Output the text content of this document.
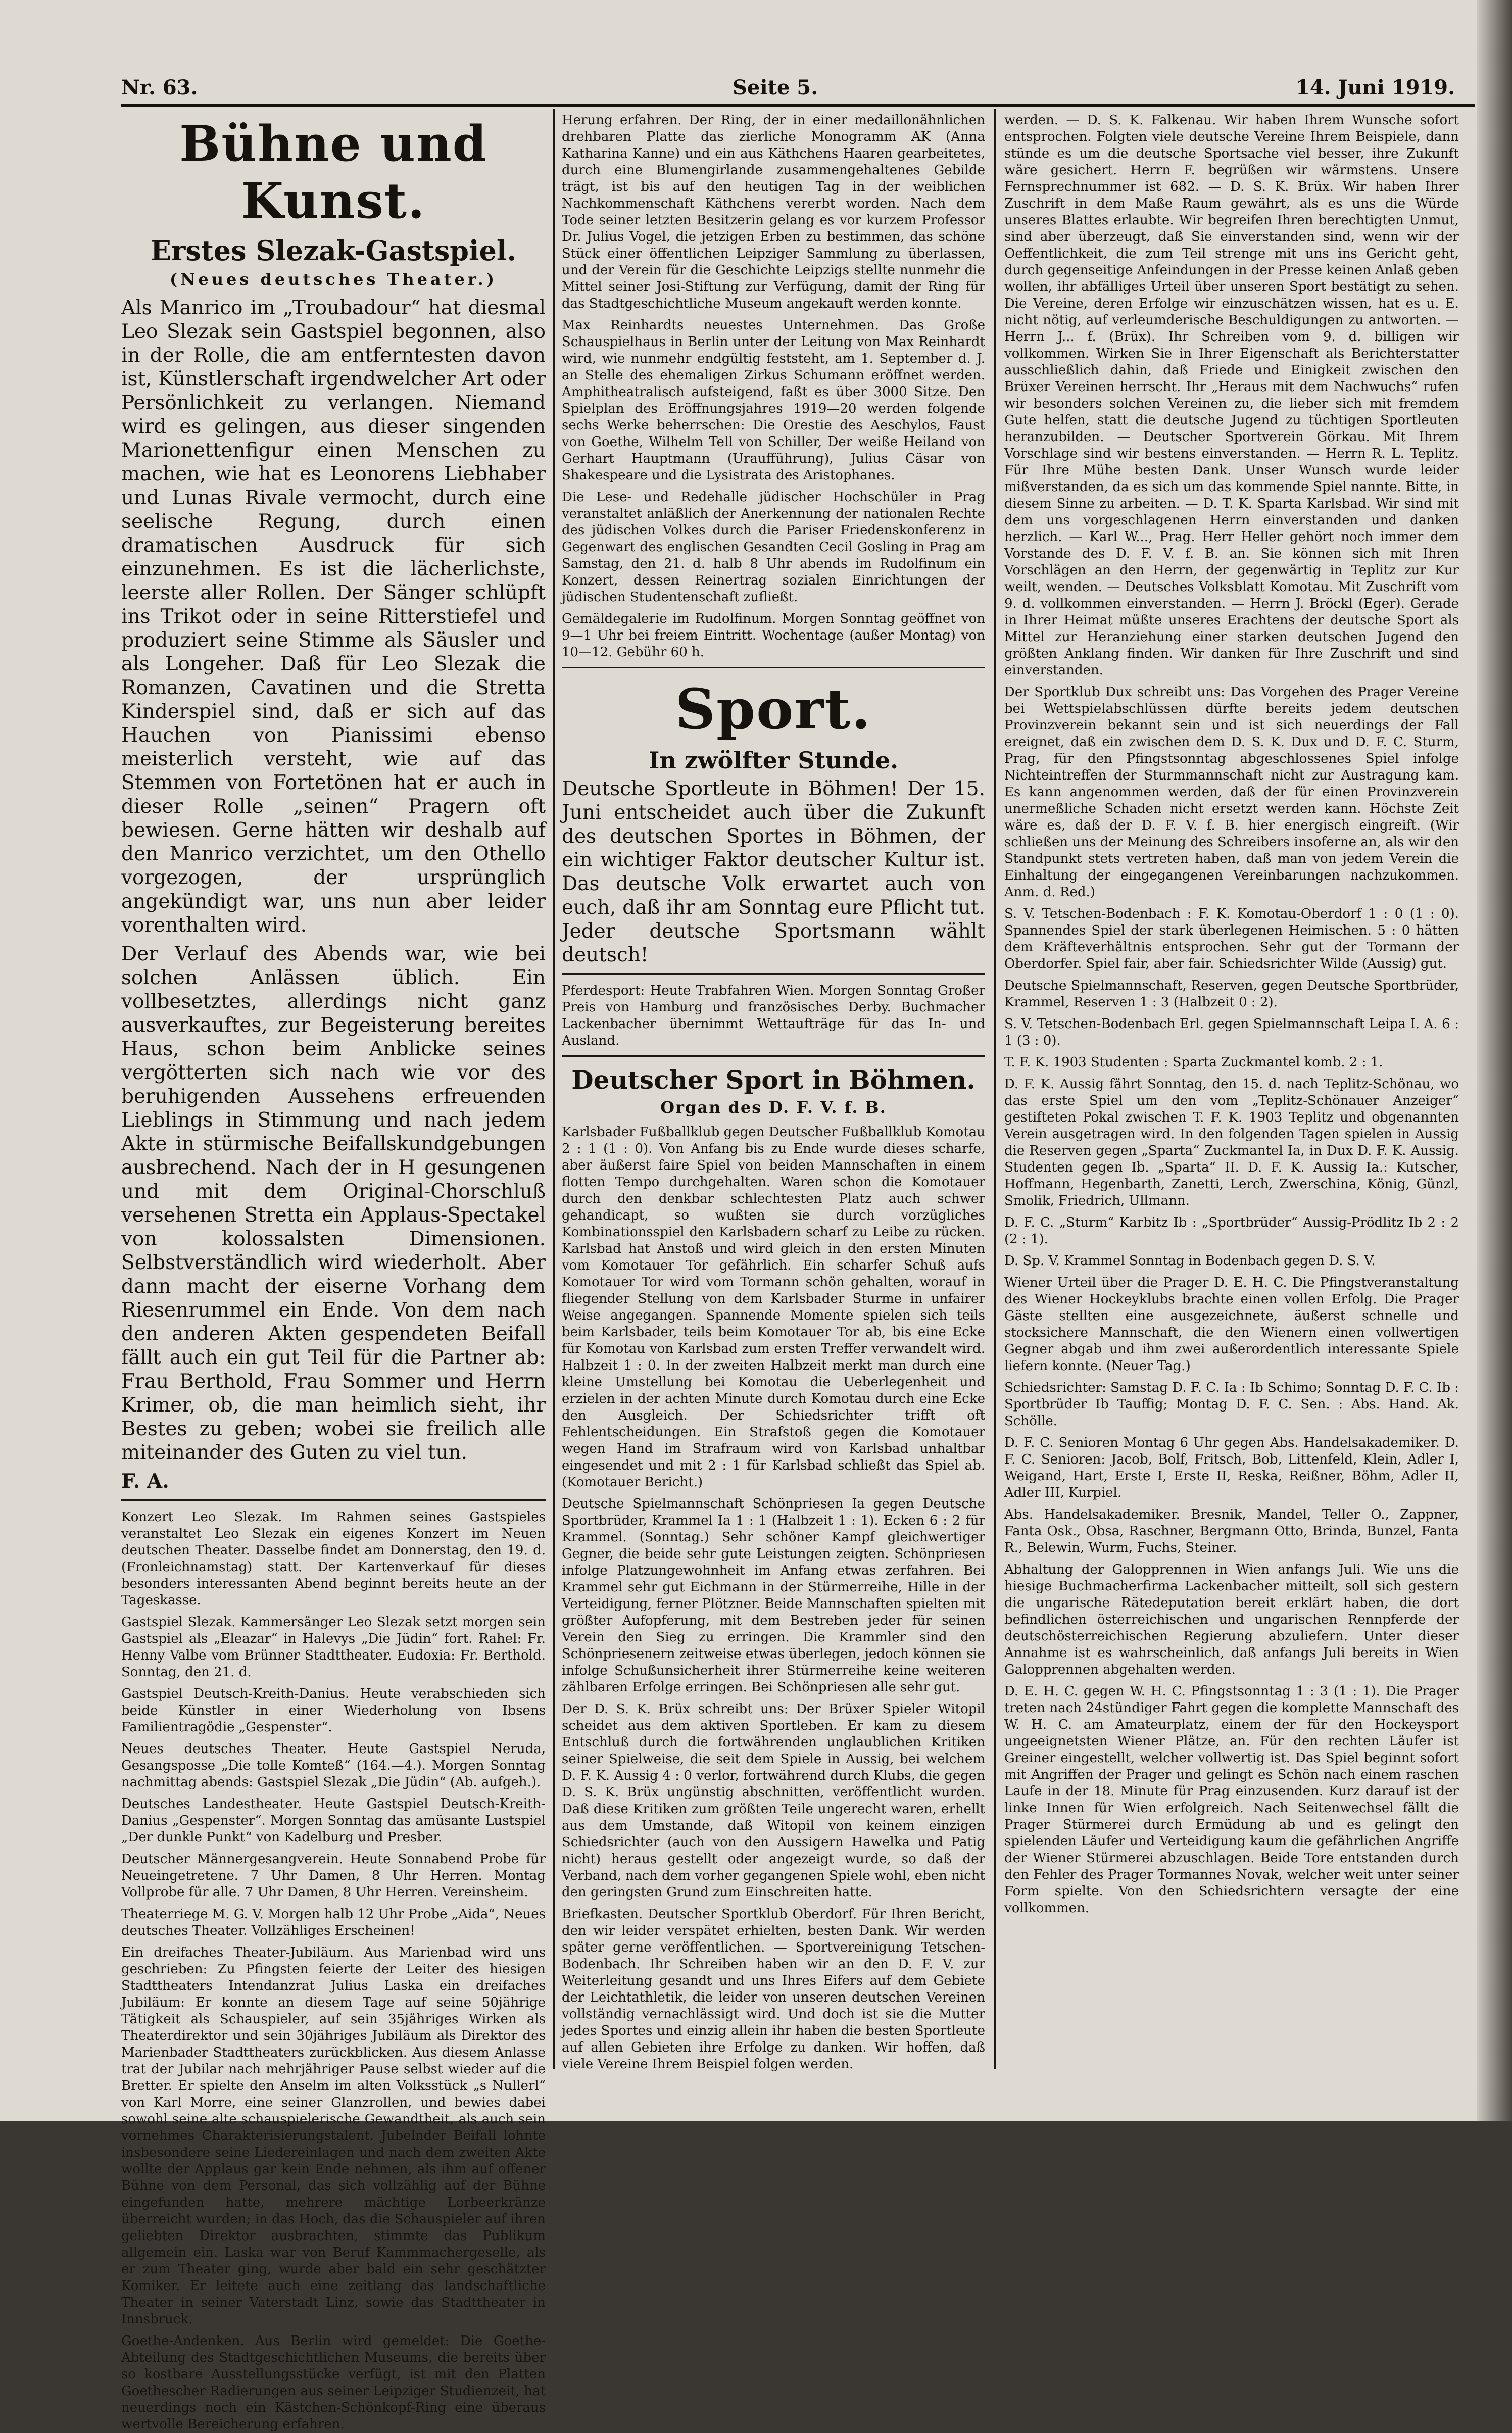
Nr. 63.	Seite 5.	14. Juni 1919.
Bühne und Kunst.
Erstes Slezak-Gastspiel.
(Neues deutsches Theater.)

Als Manrico im „Troubadour“ hat diesmal Leo Slezak sein Gastspiel begonnen, also in der Rolle, die am entferntesten davon ist, Künstlerschaft irgendwelcher Art oder Persönlichkeit zu verlangen. Niemand wird es gelingen, aus dieser singenden Marionettenfigur einen Menschen zu machen, wie hat es Leonorens Liebhaber und Lunas Rivale vermocht, durch eine seelische Regung, durch einen dramatischen Ausdruck für sich einzunehmen. Es ist die lächerlichste, leerste aller Rollen. Der Sänger schlüpft ins Trikot oder in seine Ritterstiefel und produziert seine Stimme als Säusler und als Longeher. Daß für Leo Slezak die Romanzen, Cavatinen und die Stretta Kinderspiel sind, daß er sich auf das Hauchen von Pianissimi ebenso meisterlich versteht, wie auf das Stemmen von Fortetönen hat er auch in dieser Rolle „seinen“ Pragern oft bewiesen. Gerne hätten wir deshalb auf den Manrico verzichtet, um den Othello vorgezogen, der ursprünglich angekündigt war, uns nun aber leider vorenthalten wird.

Der Verlauf des Abends war, wie bei solchen Anlässen üblich. Ein vollbesetztes, allerdings nicht ganz ausverkauftes, zur Begeisterung bereites Haus, schon beim Anblicke seines vergötterten sich nach wie vor des beruhigenden Aussehens erfreuenden Lieblings in Stimmung und nach jedem Akte in stürmische Beifallskundgebungen ausbrechend. Nach der in H gesungenen und mit dem Original-Chorschluß versehenen Stretta ein Applaus-Spectakel von kolossalsten Dimensionen. Selbstverständlich wird wiederholt. Aber dann macht der eiserne Vorhang dem Riesenrummel ein Ende. Von dem nach den anderen Akten gespendeten Beifall fällt auch ein gut Teil für die Partner ab: Frau Berthold, Frau Sommer und Herrn Krimer, ob, die man heimlich sieht, ihr Bestes zu geben; wobei sie freilich alle miteinander des Guten zu viel tun.

F. A.

Konzert Leo Slezak. Im Rahmen seines Gastspieles veranstaltet Leo Slezak ein eigenes Konzert im Neuen deutschen Theater. Dasselbe findet am Donnerstag, den 19. d. (Fronleichnamstag) statt. Der Kartenverkauf für dieses besonders interessanten Abend beginnt bereits heute an der Tageskasse.

Gastspiel Slezak. Kammersänger Leo Slezak setzt morgen sein Gastspiel als „Eleazar“ in Halevys „Die Jüdin“ fort. Rahel: Fr. Henny Valbe vom Brünner Stadttheater. Eudoxia: Fr. Berthold. Sonntag, den 21. d.

Gastspiel Deutsch-Kreith-Danius. Heute verabschieden sich beide Künstler in einer Wiederholung von Ibsens Familientragödie „Gespenster“.

Neues deutsches Theater. Heute Gastspiel Neruda, Gesangsposse „Die tolle Komteß“ (164.—4.). Morgen Sonntag nachmittag abends: Gastspiel Slezak „Die Jüdin“ (Ab. aufgeh.).

Deutsches Landestheater. Heute Gastspiel Deutsch-Kreith-Danius „Gespenster“. Morgen Sonntag das amüsante Lustspiel „Der dunkle Punkt“ von Kadelburg und Presber.

Deutscher Männergesangverein. Heute Sonnabend Probe für Neueingetretene. 7 Uhr Damen, 8 Uhr Herren. Montag Vollprobe für alle. 7 Uhr Damen, 8 Uhr Herren. Vereinsheim.

Theaterriege M. G. V. Morgen halb 12 Uhr Probe „Aida“, Neues deutsches Theater. Vollzähliges Erscheinen!

Ein dreifaches Theater-Jubiläum. Aus Marienbad wird uns geschrieben: Zu Pfingsten feierte der Leiter des hiesigen Stadttheaters Intendanzrat Julius Laska ein dreifaches Jubiläum: Er konnte an diesem Tage auf seine 50jährige Tätigkeit als Schauspieler, auf sein 35jähriges Wirken als Theaterdirektor und sein 30jähriges Jubiläum als Direktor des Marienbader Stadttheaters zurückblicken. Aus diesem Anlasse trat der Jubilar nach mehrjähriger Pause selbst wieder auf die Bretter. Er spielte den Anselm im alten Volksstück „s Nullerl“ von Karl Morre, eine seiner Glanzrollen, und bewies dabei sowohl seine alte schauspielerische Gewandtheit, als auch sein vornehmes Charakterisierungstalent. Jubelnder Beifall lohnte insbesondere seine Liedereinlagen und nach dem zweiten Akte wollte der Applaus gar kein Ende nehmen, als ihm auf offener Bühne von dem Personal, das sich vollzählig auf der Bühne eingefunden hatte, mehrere mächtige Lorbeerkränze überreicht wurden; in das Hoch, das die Schauspieler auf ihren geliebten Direktor ausbrachten, stimmte das Publikum allgemein ein. Laska war von Beruf Kammmachergeselle, als er zum Theater ging, wurde aber bald ein sehr geschätzter Komiker. Er leitete auch eine zeitlang das landschaftliche Theater in seiner Vaterstadt Linz, sowie das Stadttheater in Innsbruck.

Goethe-Andenken. Aus Berlin wird gemeldet: Die Goethe-Abteilung des Stadtgeschichtlichen Museums, die bereits über so kostbare Ausstellungsstücke verfügt, ist mit den Platten Goethescher Radierungen aus seiner Leipziger Studienzeit, hat neuerdings noch ein Kästchen-Schönkopf-Ring eine überaus wertvolle Bereicherung erfahren.

Herung erfahren. Der Ring, der in einer medaillonähnlichen drehbaren Platte das zierliche Monogramm AK (Anna Katharina Kanne) und ein aus Käthchens Haaren gearbeitetes, durch eine Blumengirlande zusammengehaltenes Gebilde trägt, ist bis auf den heutigen Tag in der weiblichen Nachkommenschaft Käthchens vererbt worden. Nach dem Tode seiner letzten Besitzerin gelang es vor kurzem Professor Dr. Julius Vogel, die jetzigen Erben zu bestimmen, das schöne Stück einer öffentlichen Leipziger Sammlung zu überlassen, und der Verein für die Geschichte Leipzigs stellte nunmehr die Mittel seiner Josi-Stiftung zur Verfügung, damit der Ring für das Stadtgeschichtliche Museum angekauft werden konnte.

Max Reinhardts neuestes Unternehmen. Das Große Schauspielhaus in Berlin unter der Leitung von Max Reinhardt wird, wie nunmehr endgültig feststeht, am 1. September d. J. an Stelle des ehemaligen Zirkus Schumann eröffnet werden. Amphitheatralisch aufsteigend, faßt es über 3000 Sitze. Den Spielplan des Eröffnungsjahres 1919—20 werden folgende sechs Werke beherrschen: Die Orestie des Aeschylos, Faust von Goethe, Wilhelm Tell von Schiller, Der weiße Heiland von Gerhart Hauptmann (Uraufführung), Julius Cäsar von Shakespeare und die Lysistrata des Aristophanes.

Die Lese- und Redehalle jüdischer Hochschüler in Prag veranstaltet anläßlich der Anerkennung der nationalen Rechte des jüdischen Volkes durch die Pariser Friedenskonferenz in Gegenwart des englischen Gesandten Cecil Gosling in Prag am Samstag, den 21. d. halb 8 Uhr abends im Rudolfinum ein Konzert, dessen Reinertrag sozialen Einrichtungen der jüdischen Studentenschaft zufließt.

Gemäldegalerie im Rudolfinum. Morgen Sonntag geöffnet von 9—1 Uhr bei freiem Eintritt. Wochentage (außer Montag) von 10—12. Gebühr 60 h.

Sport.
In zwölfter Stunde.

Deutsche Sportleute in Böhmen! Der 15. Juni entscheidet auch über die Zukunft des deutschen Sportes in Böhmen, der ein wichtiger Faktor deutscher Kultur ist. Das deutsche Volk erwartet auch von euch, daß ihr am Sonntag eure Pflicht tut. Jeder deutsche Sportsmann wählt deutsch!

Pferdesport: Heute Trabfahren Wien. Morgen Sonntag Großer Preis von Hamburg und französisches Derby. Buchmacher Lackenbacher übernimmt Wettaufträge für das In- und Ausland.

Deutscher Sport in Böhmen.
Organ des D. F. V. f. B.

Karlsbader Fußballklub gegen Deutscher Fußballklub Komotau 2 : 1 (1 : 0). Von Anfang bis zu Ende wurde dieses scharfe, aber äußerst faire Spiel von beiden Mannschaften in einem flotten Tempo durchgehalten. Waren schon die Komotauer durch den denkbar schlechtesten Platz auch schwer gehandicapt, so wußten sie durch vorzügliches Kombinationsspiel den Karlsbadern scharf zu Leibe zu rücken. Karlsbad hat Anstoß und wird gleich in den ersten Minuten vom Komotauer Tor gefährlich. Ein scharfer Schuß aufs Komotauer Tor wird vom Tormann schön gehalten, worauf in fliegender Stellung von dem Karlsbader Sturme in unfairer Weise angegangen. Spannende Momente spielen sich teils beim Karlsbader, teils beim Komotauer Tor ab, bis eine Ecke für Komotau von Karlsbad zum ersten Treffer verwandelt wird. Halbzeit 1 : 0. In der zweiten Halbzeit merkt man durch eine kleine Umstellung bei Komotau die Ueberlegenheit und erzielen in der achten Minute durch Komotau durch eine Ecke den Ausgleich. Der Schiedsrichter trifft oft Fehlentscheidungen. Ein Strafstoß gegen die Komotauer wegen Hand im Strafraum wird von Karlsbad unhaltbar eingesendet und mit 2 : 1 für Karlsbad schließt das Spiel ab. (Komotauer Bericht.)

Deutsche Spielmannschaft Schönpriesen Ia gegen Deutsche Sportbrüder, Krammel Ia 1 : 1 (Halbzeit 1 : 1). Ecken 6 : 2 für Krammel. (Sonntag.) Sehr schöner Kampf gleichwertiger Gegner, die beide sehr gute Leistungen zeigten. Schönpriesen infolge Platzungewohnheit im Anfang etwas zerfahren. Bei Krammel sehr gut Eichmann in der Stürmerreihe, Hille in der Verteidigung, ferner Plötzner. Beide Mannschaften spielten mit größter Aufopferung, mit dem Bestreben jeder für seinen Verein den Sieg zu erringen. Die Krammler sind den Schönpriesenern zeitweise etwas überlegen, jedoch können sie infolge Schußunsicherheit ihrer Stürmerreihe keine weiteren zählbaren Erfolge erringen. Bei Schönpriesen alle sehr gut.

Der D. S. K. Brüx schreibt uns: Der Brüxer Spieler Witopil scheidet aus dem aktiven Sportleben. Er kam zu diesem Entschluß durch die fortwährenden unglaublichen Kritiken seiner Spielweise, die seit dem Spiele in Aussig, bei welchem D. F. K. Aussig 4 : 0 verlor, fortwährend durch Klubs, die gegen D. S. K. Brüx ungünstig abschnitten, veröffentlicht wurden. Daß diese Kritiken zum größten Teile ungerecht waren, erhellt aus dem Umstande, daß Witopil von keinem einzigen Schiedsrichter (auch von den Aussigern Hawelka und Patig nicht) heraus gestellt oder angezeigt wurde, so daß der Verband, nach dem vorher gegangenen Spiele wohl, eben nicht den geringsten Grund zum Einschreiten hatte.

Briefkasten. Deutscher Sportklub Oberdorf. Für Ihren Bericht, den wir leider verspätet erhielten, besten Dank. Wir werden später gerne veröffentlichen. — Sportvereinigung Tetschen-Bodenbach. Ihr Schreiben haben wir an den D. F. V. zur Weiterleitung gesandt und uns Ihres Eifers auf dem Gebiete der Leichtathletik, die leider von unseren deutschen Vereinen vollständig vernachlässigt wird. Und doch ist sie die Mutter jedes Sportes und einzig allein ihr haben die besten Sportleute auf allen Gebieten ihre Erfolge zu danken. Wir hoffen, daß viele Vereine Ihrem Beispiel folgen werden.

werden. — D. S. K. Falkenau. Wir haben Ihrem Wunsche sofort entsprochen. Folgten viele deutsche Vereine Ihrem Beispiele, dann stünde es um die deutsche Sportsache viel besser, ihre Zukunft wäre gesichert. Herrn F. begrüßen wir wärmstens. Unsere Fernsprechnummer ist 682. — D. S. K. Brüx. Wir haben Ihrer Zuschrift in dem Maße Raum gewährt, als es uns die Würde unseres Blattes erlaubte. Wir begreifen Ihren berechtigten Unmut, sind aber überzeugt, daß Sie einverstanden sind, wenn wir der Oeffentlichkeit, die zum Teil strenge mit uns ins Gericht geht, durch gegenseitige Anfeindungen in der Presse keinen Anlaß geben wollen, ihr abfälliges Urteil über unseren Sport bestätigt zu sehen. Die Vereine, deren Erfolge wir einzuschätzen wissen, hat es u. E. nicht nötig, auf verleumderische Beschuldigungen zu antworten. — Herrn J... f. (Brüx). Ihr Schreiben vom 9. d. billigen wir vollkommen. Wirken Sie in Ihrer Eigenschaft als Berichterstatter ausschließlich dahin, daß Friede und Einigkeit zwischen den Brüxer Vereinen herrscht. Ihr „Heraus mit dem Nachwuchs“ rufen wir besonders solchen Vereinen zu, die lieber sich mit fremdem Gute helfen, statt die deutsche Jugend zu tüchtigen Sportleuten heranzubilden. — Deutscher Sportverein Görkau. Mit Ihrem Vorschlage sind wir bestens einverstanden. — Herrn R. L. Teplitz. Für Ihre Mühe besten Dank. Unser Wunsch wurde leider mißverstanden, da es sich um das kommende Spiel nannte. Bitte, in diesem Sinne zu arbeiten. — D. T. K. Sparta Karlsbad. Wir sind mit dem uns vorgeschlagenen Herrn einverstanden und danken herzlich. — Karl W..., Prag. Herr Heller gehört noch immer dem Vorstande des D. F. V. f. B. an. Sie können sich mit Ihren Vorschlägen an den Herrn, der gegenwärtig in Teplitz zur Kur weilt, wenden. — Deutsches Volksblatt Komotau. Mit Zuschrift vom 9. d. vollkommen einverstanden. — Herrn J. Bröckl (Eger). Gerade in Ihrer Heimat müßte unseres Erachtens der deutsche Sport als Mittel zur Heranziehung einer starken deutschen Jugend den größten Anklang finden. Wir danken für Ihre Zuschrift und sind einverstanden.

Der Sportklub Dux schreibt uns: Das Vorgehen des Prager Vereine bei Wettspielabschlüssen dürfte bereits jedem deutschen Provinzverein bekannt sein und ist sich neuerdings der Fall ereignet, daß ein zwischen dem D. S. K. Dux und D. F. C. Sturm, Prag, für den Pfingstsonntag abgeschlossenes Spiel infolge Nichteintreffen der Sturmmannschaft nicht zur Austragung kam. Es kann angenommen werden, daß der für einen Provinzverein unermeßliche Schaden nicht ersetzt werden kann. Höchste Zeit wäre es, daß der D. F. V. f. B. hier energisch eingreift. (Wir schließen uns der Meinung des Schreibers insoferne an, als wir den Standpunkt stets vertreten haben, daß man von jedem Verein die Einhaltung der eingegangenen Vereinbarungen nachzukommen. Anm. d. Red.)

S. V. Tetschen-Bodenbach : F. K. Komotau-Oberdorf 1 : 0 (1 : 0). Spannendes Spiel der stark überlegenen Heimischen. 5 : 0 hätten dem Kräfteverhältnis entsprochen. Sehr gut der Tormann der Oberdorfer. Spiel fair, aber fair. Schiedsrichter Wilde (Aussig) gut.

Deutsche Spielmannschaft, Reserven, gegen Deutsche Sportbrüder, Krammel, Reserven 1 : 3 (Halbzeit 0 : 2).

S. V. Tetschen-Bodenbach Erl. gegen Spielmannschaft Leipa I. A. 6 : 1 (3 : 0).

T. F. K. 1903 Studenten : Sparta Zuckmantel komb. 2 : 1.

D. F. K. Aussig fährt Sonntag, den 15. d. nach Teplitz-Schönau, wo das erste Spiel um den vom „Teplitz-Schönauer Anzeiger“ gestifteten Pokal zwischen T. F. K. 1903 Teplitz und obgenannten Verein ausgetragen wird. In den folgenden Tagen spielen in Aussig die Reserven gegen „Sparta“ Zuckmantel Ia, in Dux D. F. K. Aussig. Studenten gegen Ib. „Sparta“ II. D. F. K. Aussig Ia.: Kutscher, Hoffmann, Hegenbarth, Zanetti, Lerch, Zwerschina, König, Günzl, Smolik, Friedrich, Ullmann.

D. F. C. „Sturm“ Karbitz Ib : „Sportbrüder“ Aussig-Prödlitz Ib 2 : 2 (2 : 1).

D. Sp. V. Krammel Sonntag in Bodenbach gegen D. S. V.

Wiener Urteil über die Prager D. E. H. C. Die Pfingstveranstaltung des Wiener Hockeyklubs brachte einen vollen Erfolg. Die Prager Gäste stellten eine ausgezeichnete, äußerst schnelle und stocksichere Mannschaft, die den Wienern einen vollwertigen Gegner abgab und ihm zwei außerordentlich interessante Spiele liefern konnte. (Neuer Tag.)

Schiedsrichter: Samstag D. F. C. Ia : Ib Schimo; Sonntag D. F. C. Ib : Sportbrüder Ib Tauffig; Montag D. F. C. Sen. : Abs. Hand. Ak. Schölle.

D. F. C. Senioren Montag 6 Uhr gegen Abs. Handelsakademiker. D. F. C. Senioren: Jacob, Bolf, Fritsch, Bob, Littenfeld, Klein, Adler I, Weigand, Hart, Erste I, Erste II, Reska, Reißner, Böhm, Adler II, Adler III, Kurpiel.

Abs. Handelsakademiker. Bresnik, Mandel, Teller O., Zappner, Fanta Osk., Obsa, Raschner, Bergmann Otto, Brinda, Bunzel, Fanta R., Belewin, Wurm, Fuchs, Steiner.

Abhaltung der Galopprennen in Wien anfangs Juli. Wie uns die hiesige Buchmacherfirma Lackenbacher mitteilt, soll sich gestern die ungarische Rätedeputation bereit erklärt haben, die dort befindlichen österreichischen und ungarischen Rennpferde der deutschösterreichischen Regierung abzuliefern. Unter dieser Annahme ist es wahrscheinlich, daß anfangs Juli bereits in Wien Galopprennen abgehalten werden.

D. E. H. C. gegen W. H. C. Pfingstsonntag 1 : 3 (1 : 1). Die Prager treten nach 24stündiger Fahrt gegen die komplette Mannschaft des W. H. C. am Amateurplatz, einem der für den Hockeysport ungeeignetsten Wiener Plätze, an. Für den rechten Läufer ist Greiner eingestellt, welcher vollwertig ist. Das Spiel beginnt sofort mit Angriffen der Prager und gelingt es Schön nach einem raschen Laufe in der 18. Minute für Prag einzusenden. Kurz darauf ist der linke Innen für Wien erfolgreich. Nach Seitenwechsel fällt die Prager Stürmerei durch Ermüdung ab und es gelingt den spielenden Läufer und Verteidigung kaum die gefährlichen Angriffe der Wiener Stürmerei abzuschlagen. Beide Tore entstanden durch den Fehler des Prager Tormannes Novak, welcher weit unter seiner Form spielte. Von den Schiedsrichtern versagte der eine vollkommen.
